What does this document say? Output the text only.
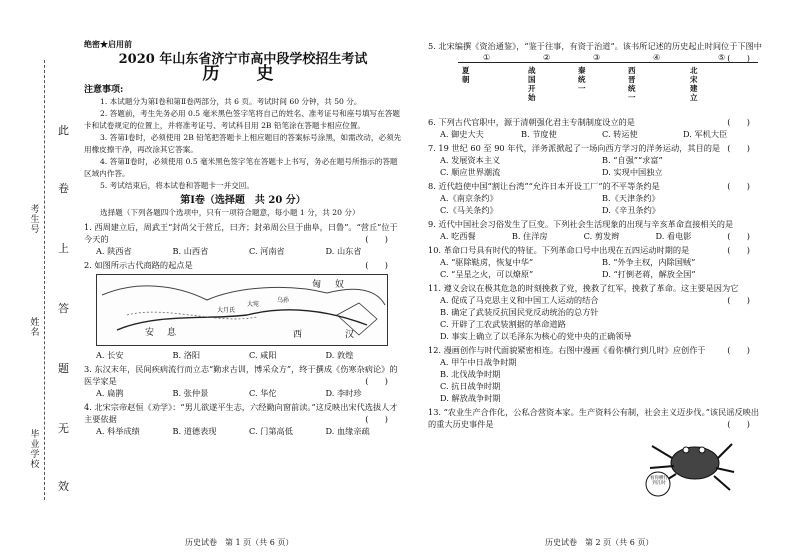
此
卷
上
答
题
无
效
考生号
姓名
毕业学校
绝密★启用前
2020 年山东省济宁市高中段学校招生考试
历　史
注意事项:
1. 本试题分为第Ⅰ卷和第Ⅱ卷两部分，共 6 页。考试时间 60 分钟，共 50 分。
2. 答题前，考生先务必用 0.5 毫米黑色签字笔将自己的姓名、准考证号和座号填写在答题卡和试卷规定的位置上，并将准考证号、考试科目用 2B 铅笔涂在答题卡相应位置。
3. 答第Ⅰ卷时，必须使用 2B 铅笔把答题卡上相应题目的答案标号涂黑，如需改动，必须先用橡皮擦干净，再改涂其它答案。
4. 答第Ⅱ卷时，必须使用 0.5 毫米黑色签字笔在答题卡上书写，务必在题号所指示的答题区域内作答。
5. 考试结束后，将本试卷和答题卡一并交回。
第Ⅰ卷（选择题　共 20 分）
选择题（下列各题四个选项中，只有一项符合题意，每小题 1 分，共 20 分）
1. 西周建立后，周武王“封尚父于营丘，曰齐；封弟周公旦于曲阜，曰鲁”。“营丘”位于今天的	(　　)
A. 陕西省	B. 山西省	C. 河南省	D. 山东省
2. 如图所示古代商路的起点是	(　　)
匈 奴
安 息	西	汉
大月氏
大宛
乌孙
A. 长安	B. 洛阳	C. 咸阳	D. 敦煌
3. 东汉末年，民间疾病流行而立志“勤求古训，博采众方”，终于撰成《伤寒杂病论》的医学家是	(　　)
A. 扁鹊	B. 张仲景	C. 华佗	D. 李时珍
4. 北宋宗帝赵恒《劝学》：“男儿欲遂平生志，六经勤向窗前读。”这反映出宋代选拔人才主要依据	(　　)
A. 科举成绩	B. 道德表现	C. 门第高低	D. 血缘亲疏
历史试卷　第 1 页（共 6 页）
5. 北宋编撰《资治通鉴》，“鉴于往事，有资于治道”。该书所记述的历史起止时间位于下图中
(　　)
①	②	③	④	⑤
夏朝
战国开始
秦统一
西晋统一
北宋建立
6. 下列古代官职中，源于清朝强化君主专制制度设立的是	(　　)
A. 御史大夫	B. 节度使	C. 转运使	D. 军机大臣
7. 19 世纪 60 至 90 年代，洋务派掀起了一场向西方学习的洋务运动，其目的是 (　　)
A. 发展资本主义	B. “自强”“求富”
C. 顺应世界潮流	D. 实现中国独立
8. 近代趋使中国“割让台湾”“允许日本开设工厂”的不平等条约是	(　　)
A.《南京条约》	B.《天津条约》
C.《马关条约》	D.《辛丑条约》
9. 近代中国社会习俗发生了巨变。下列社会生活现象的出现与辛亥革命直接相关的是
(　　)
A. 吃西餐	B. 住洋房	C. 剪发辫	D. 看电影
10. 革命口号具有时代的特征。下列革命口号中出现在五四运动时期的是	(　　)
A. “驱除鞑虏，恢复中华”	B. “外争主权，内除国贼”
C. “呈星之火，可以燎原”	D. “打倒老蒋，解放全国”
11. 遵义会议在极其危急的时刻挽救了党，挽救了红军，挽救了革命。这主要是因为它
(　　)
A. 促成了马克思主义和中国工人运动的结合
B. 确定了武装反抗国民党反动统治的总方针
C. 开辟了工农武装割据的革命道路
D. 事实上确立了以毛泽东为核心的党中央的正确领导
12. 漫画创作与时代面貌紧密相连。右图中漫画《看你横行到几时》应创作于	(　　)
A. 甲午中日战争时期
B. 北伐战争时期
C. 抗日战争时期
D. 解放战争时期
13. “农业生产合作化，公私合营资本家。生产资料公有制，社会主义迈步伐。”该民谣反映出的重大历史事件是	(　　)
看你横行到几时
历史试卷　第 2 页（共 6 页）
